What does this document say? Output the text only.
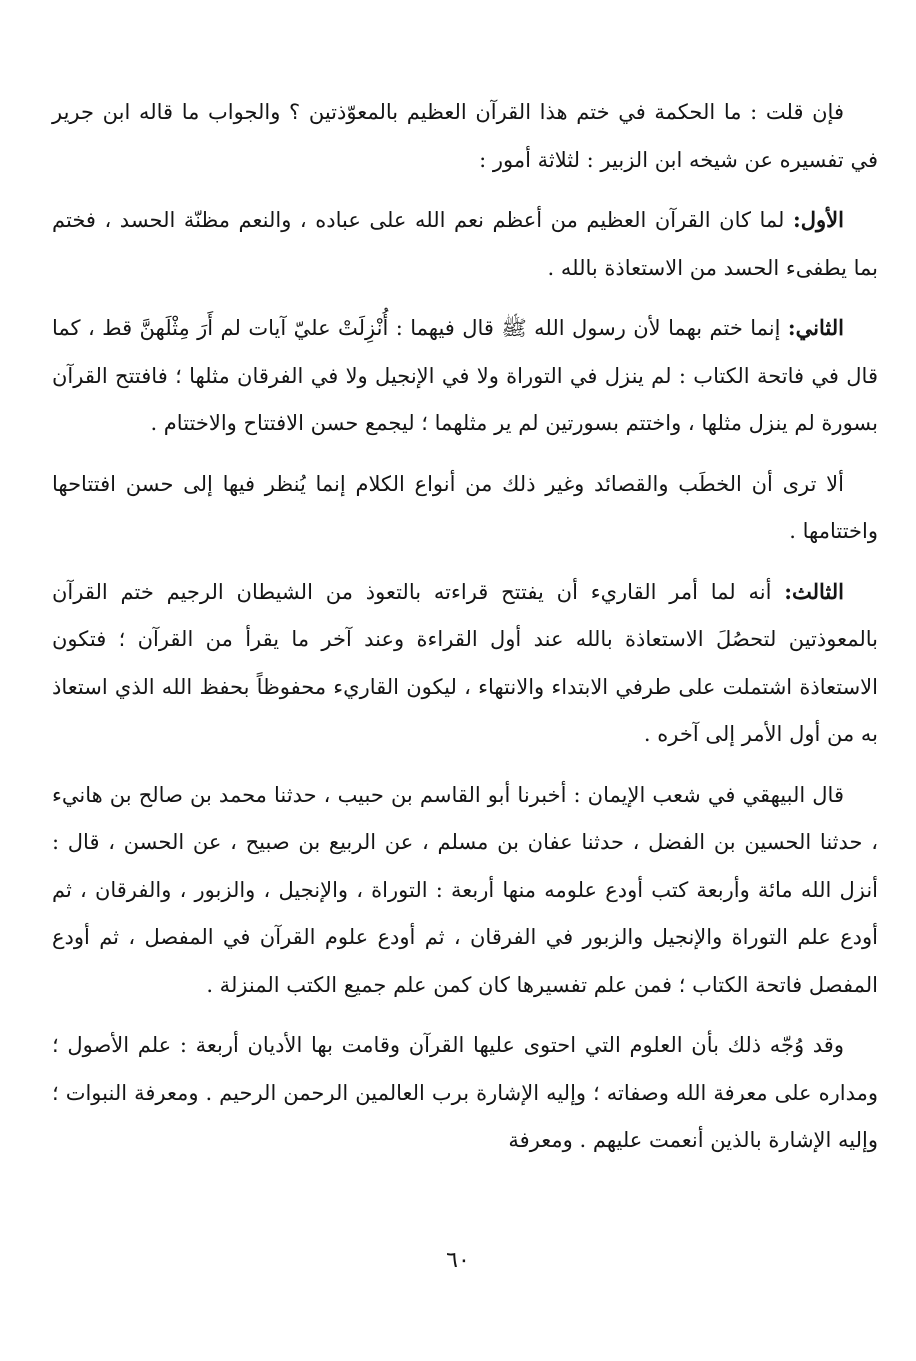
فإن قلت : ما الحكمة في ختم هذا القرآن العظيم بالمعوّذتين ؟ والجواب ما قاله ابن جرير في تفسيره عن شيخه ابن الزبير : لثلاثة أمور :

الأول: لما كان القرآن العظيم من أعظم نعم الله على عباده ، والنعم مظنّة الحسد ، فختم بما يطفىء الحسد من الاستعاذة بالله .

الثاني: إنما ختم بهما لأن رسول الله ﷺ قال فيهما : أُنْزِلَتْ عليّ آيات لم أَرَ مِثْلَهنَّ قط ، كما قال في فاتحة الكتاب : لم ينزل في التوراة ولا في الإنجيل ولا في الفرقان مثلها ؛ فافتتح القرآن بسورة لم ينزل مثلها ، واختتم بسورتين لم ير مثلهما ؛ ليجمع حسن الافتتاح والاختتام .

ألا ترى أن الخطَب والقصائد وغير ذلك من أنواع الكلام إنما يُنظر فيها إلى حسن افتتاحها واختتامها .

الثالث: أنه لما أمر القاريء أن يفتتح قراءته بالتعوذ من الشيطان الرجيم ختم القرآن بالمعوذتين لتحصُلَ الاستعاذة بالله عند أول القراءة وعند آخر ما يقرأ من القرآن ؛ فتكون الاستعاذة اشتملت على طرفي الابتداء والانتهاء ، ليكون القاريء محفوظاً بحفظ الله الذي استعاذ به من أول الأمر إلى آخره .

قال البيهقي في شعب الإيمان : أخبرنا أبو القاسم بن حبيب ، حدثنا محمد بن صالح بن هانيء ، حدثنا الحسين بن الفضل ، حدثنا عفان بن مسلم ، عن الربيع بن صبيح ، عن الحسن ، قال : أنزل الله مائة وأربعة كتب أودع علومه منها أربعة : التوراة ، والإنجيل ، والزبور ، والفرقان ، ثم أودع علم التوراة والإنجيل والزبور في الفرقان ، ثم أودع علوم القرآن في المفصل ، ثم أودع المفصل فاتحة الكتاب ؛ فمن علم تفسيرها كان كمن علم جميع الكتب المنزلة .

وقد وُجّه ذلك بأن العلوم التي احتوى عليها القرآن وقامت بها الأديان أربعة : علم الأصول ؛ ومداره على معرفة الله وصفاته ؛ وإليه الإشارة برب العالمين الرحمن الرحيم . ومعرفة النبوات ؛ وإليه الإشارة بالذين أنعمت عليهم . ومعرفة

٦٠
